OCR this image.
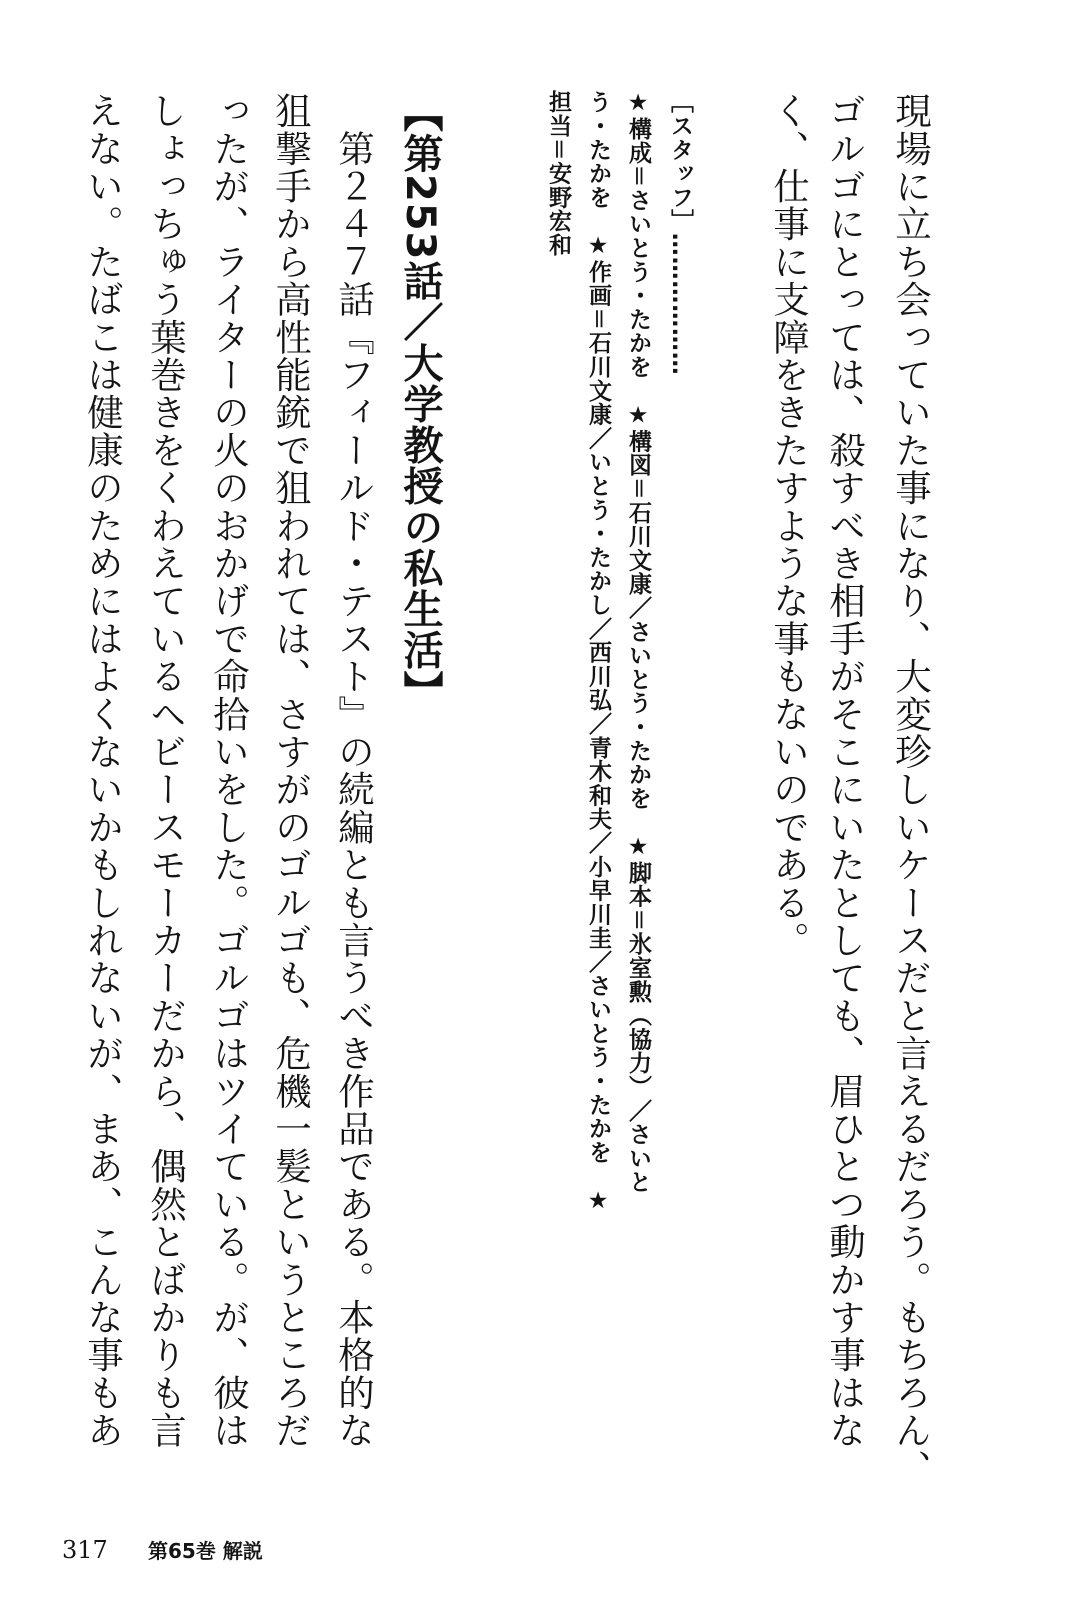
現場に立ち会っていた事になり、大変珍しいケースだと言えるだろう。もちろん、
ゴルゴにとっては、殺すべき相手がそこにいたとしても、眉ひとつ動かす事はな
く、仕事に支障をきたすような事もないのである。
［スタッフ］………………
★構成＝さいとう・たかを　★構図＝石川文康／さいとう・たかを　★脚本＝氷室勲（協力）／さいと
う・たかを　★作画＝石川文康／いとう・たかし／西川弘／青木和夫／小早川圭／さいとう・たかを　★
担当＝安野宏和
【第253話／大学教授の私生活】
　第２４７話『フィールド・テスト』の続編とも言うべき作品である。本格的な
狙撃手から高性能銃で狙われては、さすがのゴルゴも、危機一髪というところだ
ったが、ライターの火のおかげで命拾いをした。ゴルゴはツイている。が、彼は
しょっちゅう葉巻きをくわえているヘビースモーカーだから、偶然とばかりも言
えない。たばこは健康のためにはよくないかもしれないが、まあ、こんな事もあ
317 第65巻 解説
